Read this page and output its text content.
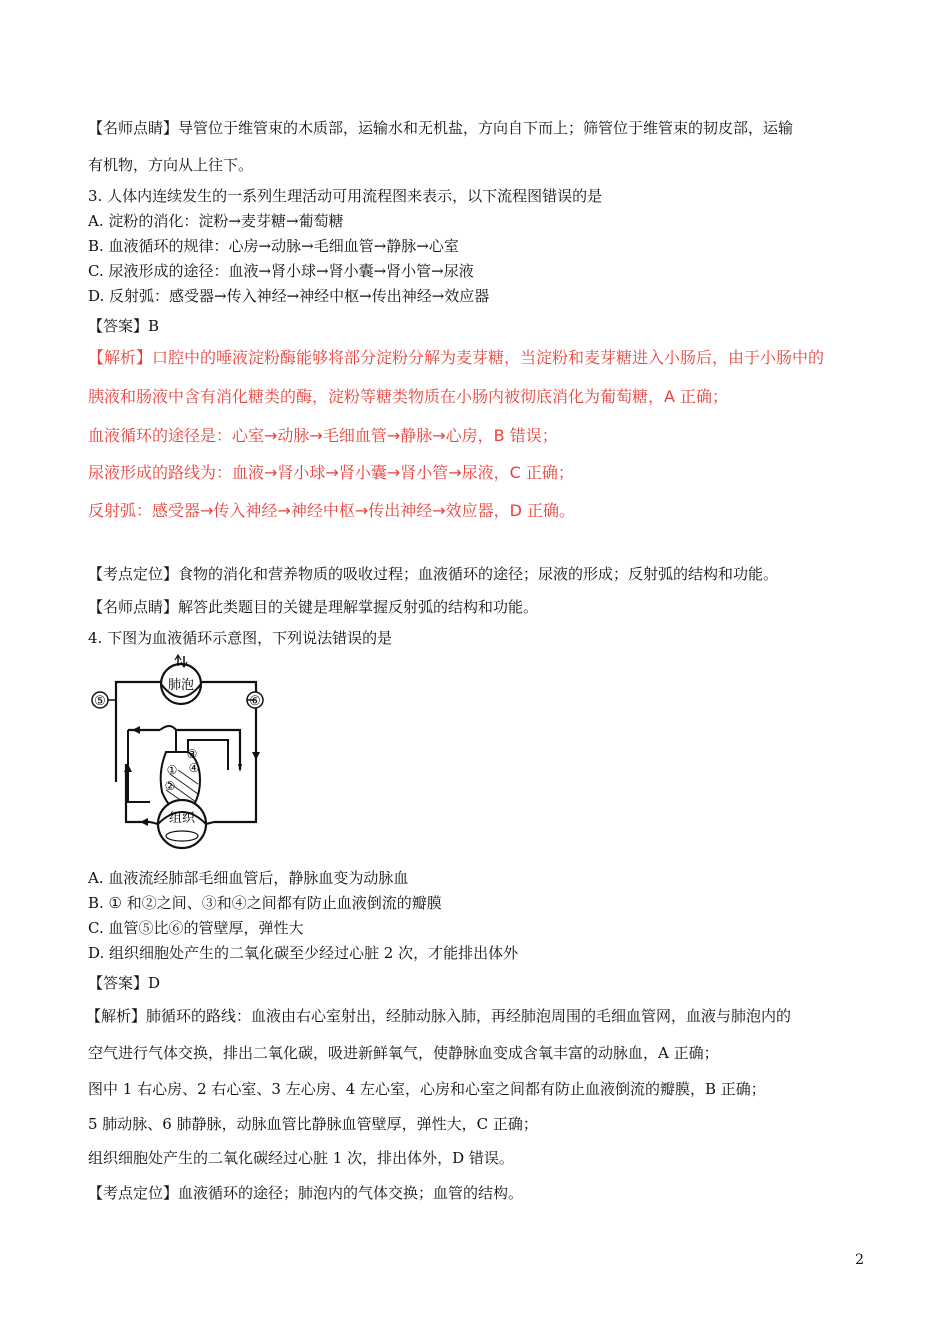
【名师点睛】导管位于维管束的木质部，运输水和无机盐，方向自下而上；筛管位于维管束的韧皮部，运输
有机物，方向从上往下。
3. 人体内连续发生的一系列生理活动可用流程图来表示，以下流程图错误的是
A. 淀粉的消化：淀粉→麦芽糖→葡萄糖
B. 血液循环的规律：心房→动脉→毛细血管→静脉→心室
C. 尿液形成的途径：血液→肾小球→肾小囊→肾小管→尿液
D. 反射弧：感受器→传入神经→神经中枢→传出神经→效应器
【答案】B
【解析】口腔中的唾液淀粉酶能够将部分淀粉分解为麦芽糖，当淀粉和麦芽糖进入小肠后，由于小肠中的
胰液和肠液中含有消化糖类的酶，淀粉等糖类物质在小肠内被彻底消化为葡萄糖，A 正确；
血液循环的途径是：心室→动脉→毛细血管→静脉→心房，B 错误；
尿液形成的路线为：血液→肾小球→肾小囊→肾小管→尿液，C 正确；
反射弧：感受器→传入神经→神经中枢→传出神经→效应器，D 正确。
【考点定位】食物的消化和营养物质的吸收过程；血液循环的途径；尿液的形成；反射弧的结构和功能。
【名师点睛】解答此类题目的关键是理解掌握反射弧的结构和功能。
4. 下图为血液循环示意图，下列说法错误的是
肺泡
⑤	⑥
①
②
③
④
组织
A. 血液流经肺部毛细血管后，静脉血变为动脉血
B. ① 和②之间、③和④之间都有防止血液倒流的瓣膜
C. 血管⑤比⑥的管壁厚，弹性大
D. 组织细胞处产生的二氧化碳至少经过心脏 2 次，才能排出体外
【答案】D
【解析】肺循环的路线：血液由右心室射出，经肺动脉入肺，再经肺泡周围的毛细血管网，血液与肺泡内的
空气进行气体交换，排出二氧化碳，吸进新鲜氧气，使静脉血变成含氧丰富的动脉血，A 正确；
图中 1 右心房、2 右心室、3 左心房、4 左心室，心房和心室之间都有防止血液倒流的瓣膜，B 正确；
5 肺动脉、6 肺静脉，动脉血管比静脉血管壁厚，弹性大，C 正确；
组织细胞处产生的二氧化碳经过心脏 1 次，排出体外，D 错误。
【考点定位】血液循环的途径；肺泡内的气体交换；血管的结构。
2
